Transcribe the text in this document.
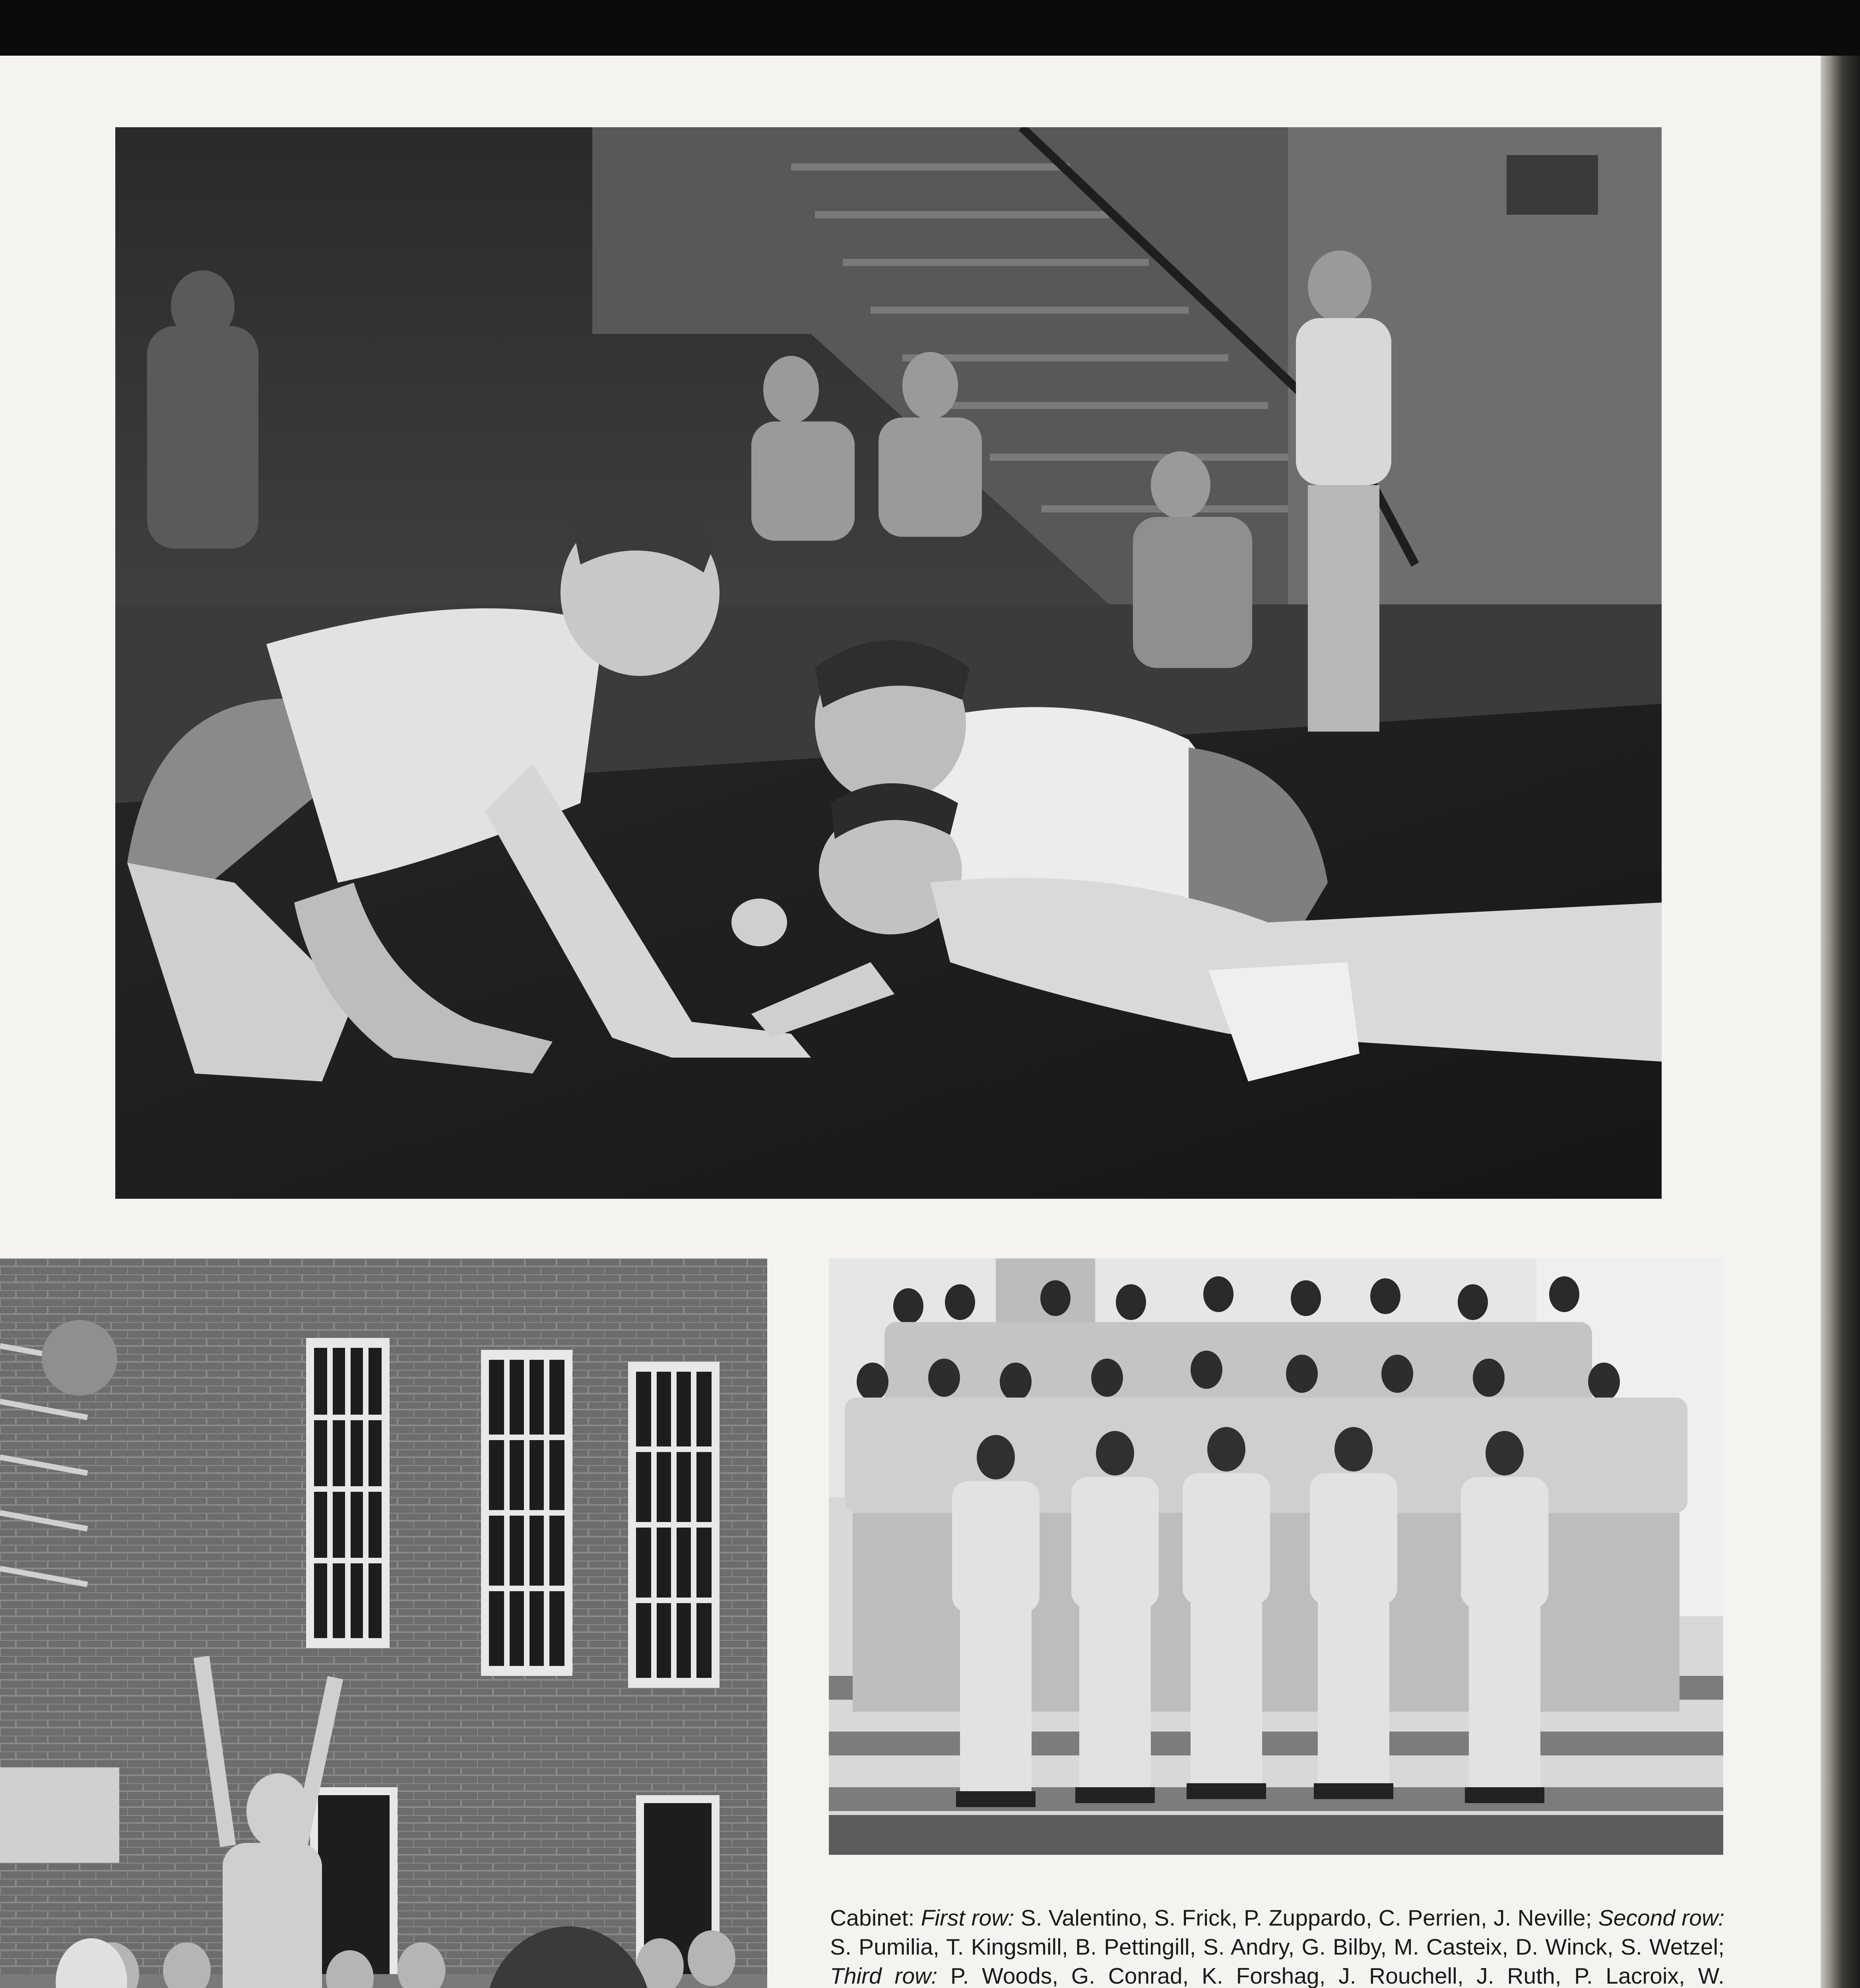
Cabinet: First row: S. Valentino, S. Frick, P. Zuppardo, C. Perrien, J. Neville; Second row: S. Pumilia, T. Kingsmill, B. Pettingill, S. Andry, G. Bilby, M. Casteix, D. Winck, S. Wetzel; Third row: P. Woods, G. Conrad, K. Forshag, J. Rouchell, J. Ruth, P. Lacroix, W.
